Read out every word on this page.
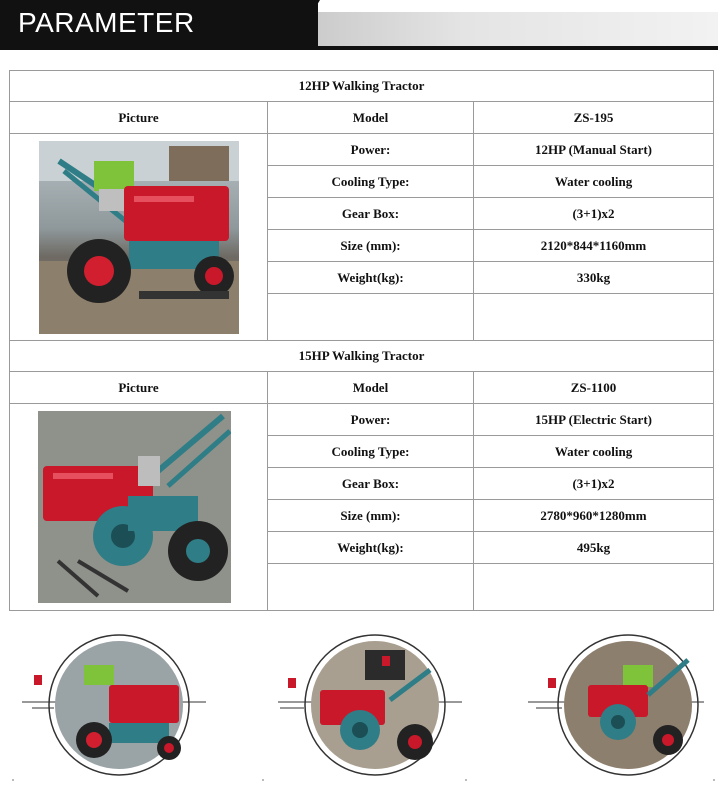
PARAMETER
12HP Walking Tractor		
Picture	Model	ZS-195

	Power:	12HP (Manual Start)
	Cooling Type:	Water cooling
	Gear Box:	(3+1)x2
	Size (mm):	2120*844*1160mm
	Weight(kg):	330kg

15HP Walking Tractor		
Picture	Model	ZS-1100

	Power:	15HP (Electric Start)
	Cooling Type:	Water cooling
	Gear Box:	(3+1)x2
	Size (mm):	2780*960*1280mm
	Weight(kg):	495kg
